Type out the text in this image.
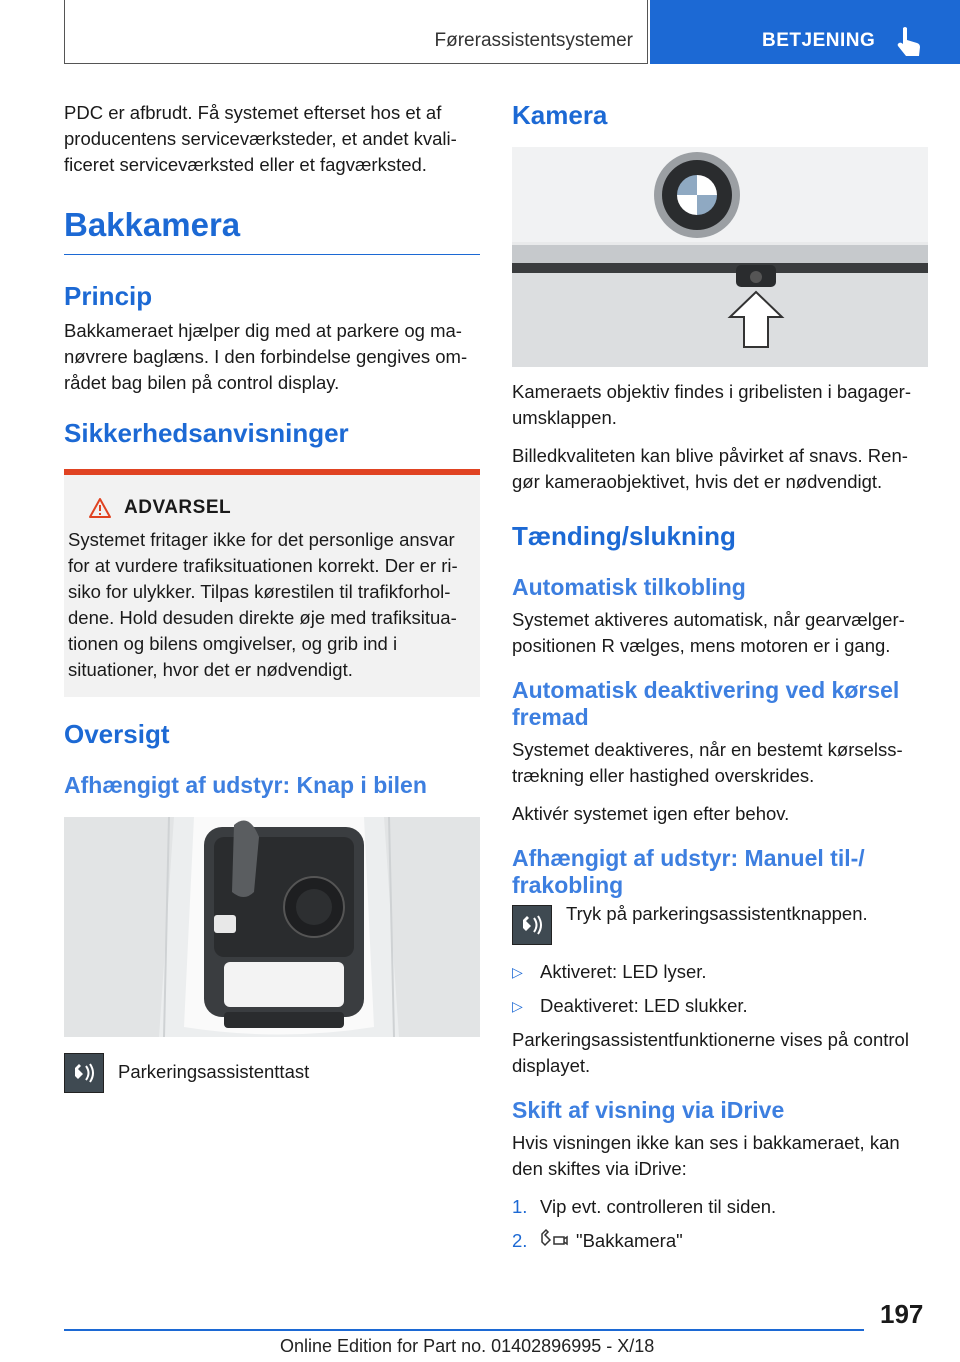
Førerassistentsystemer	BETJENING

PDC er afbrudt. Få systemet efterset hos et af producentens serviceværksteder, et andet kvalificeret serviceværksted eller et fagværksted.

Bakkamera
Princip

Bakkameraet hjælper dig med at parkere og manøvrere baglæns. I den forbindelse gengives området bag bilen på control display.

Sikkerhedsanvisninger
ADVARSEL

Systemet fritager ikke for det personlige ansvar for at vurdere trafiksituationen korrekt. Der er risiko for ulykker. Tilpas kørestilen til trafikforholdene. Hold desuden direkte øje med trafiksituationen og bilens omgivelser, og grib ind i situationer, hvor det er nødvendigt.

Oversigt
Afhængigt af udstyr: Knap i bilen
Parkeringsassistenttast
Kamera

Kameraets objektiv findes i gribelisten i bagagerumsklappen.

Billedkvaliteten kan blive påvirket af snavs. Rengør kameraobjektivet, hvis det er nødvendigt.

Tænding/slukning
Automatisk tilkobling

Systemet aktiveres automatisk, når gearvælgerpositionen R vælges, mens motoren er i gang.

Automatisk deaktivering ved kørsel fremad

Systemet deaktiveres, når en bestemt kørselsstrækning eller hastighed overskrides.

Aktivér systemet igen efter behov.

Afhængigt af udstyr: Manuel til-/ frakobling
Tryk på parkeringsassistentknappen.
▷ Aktiveret: LED lyser.
▷ Deaktiveret: LED slukker.

Parkeringsassistentfunktionerne vises på control displayet.

Skift af visning via iDrive

Hvis visningen ikke kan ses i bakkameraet, kan den skiftes via iDrive:

1. Vip evt. controlleren til siden.
2.	"Bakkamera"
197
Online Edition for Part no. 01402896995 - X/18
